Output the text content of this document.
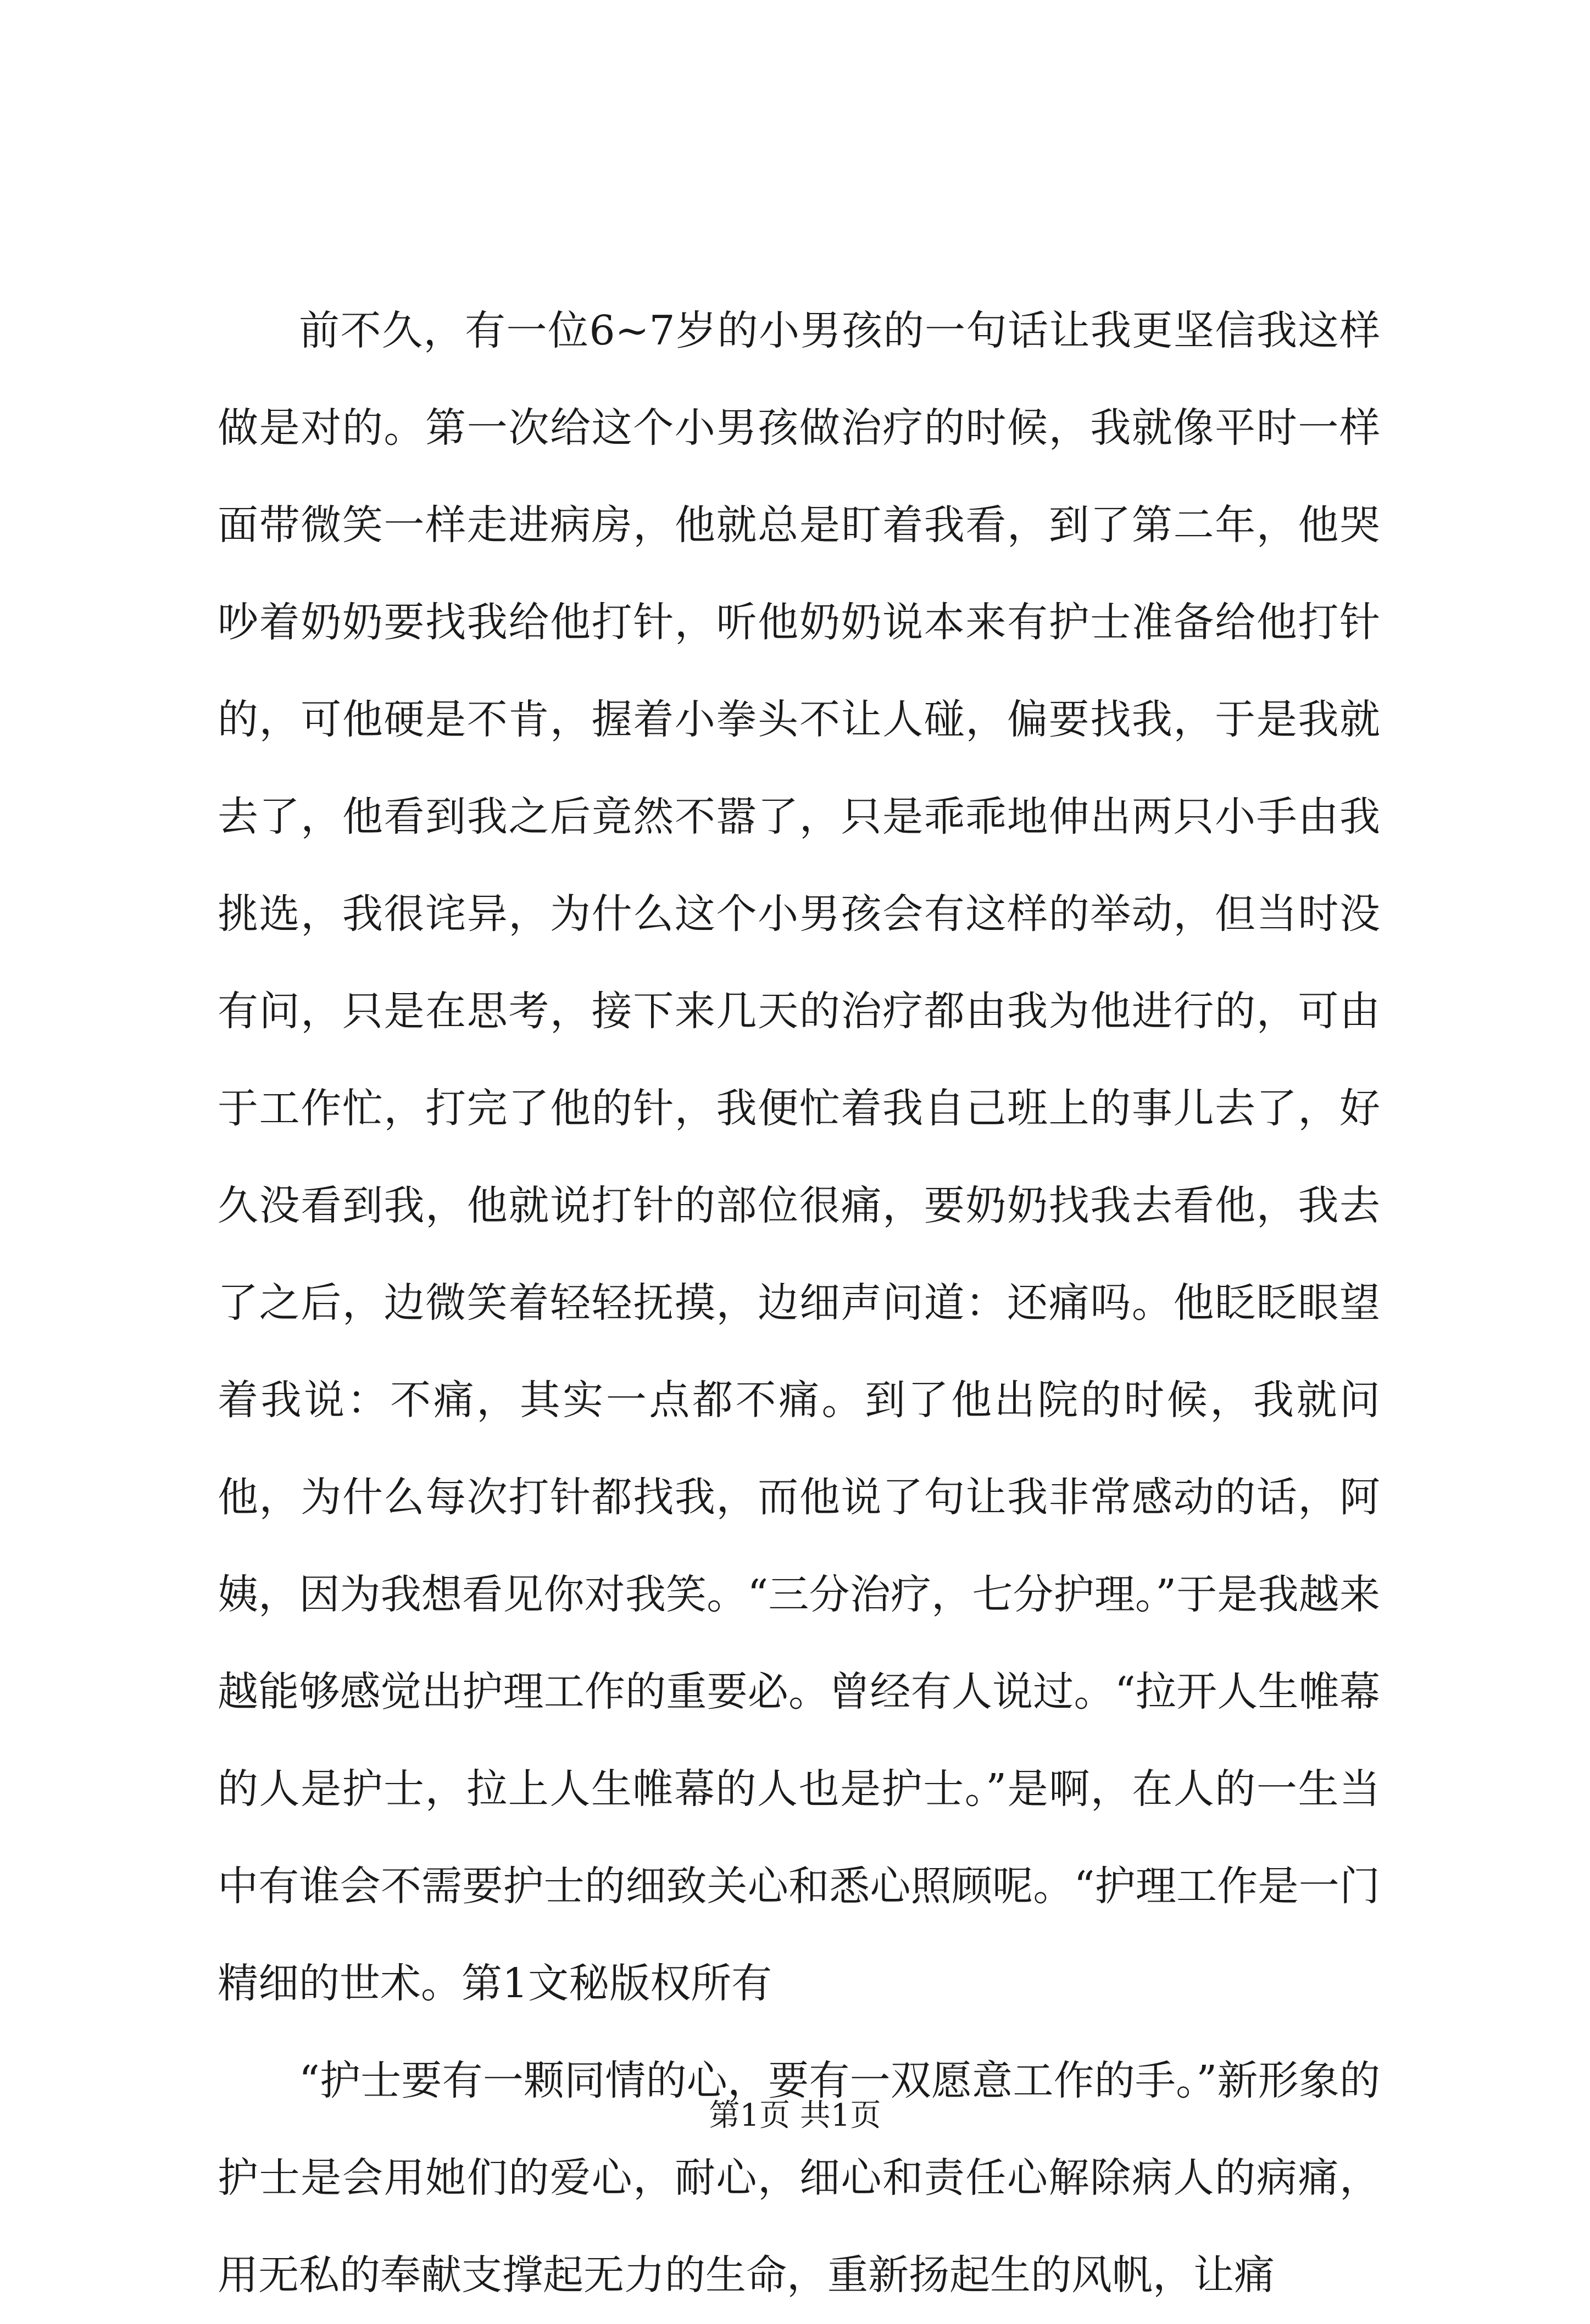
前不久，有一位6~7岁的小男孩的一句话让我更坚信我这样做是对的。第一次给这个小男孩做治疗的时候，我就像平时一样面带微笑一样走进病房，他就总是盯着我看，到了第二年，他哭吵着奶奶要找我给他打针，听他奶奶说本来有护士准备给他打针的，可他硬是不肯，握着小拳头不让人碰，偏要找我，于是我就去了，他看到我之后竟然不嚣了，只是乖乖地伸出两只小手由我挑选，我很诧异，为什么这个小男孩会有这样的举动，但当时没有问，只是在思考，接下来几天的治疗都由我为他进行的，可由于工作忙，打完了他的针，我便忙着我自己班上的事儿去了，好久没看到我，他就说打针的部位很痛，要奶奶找我去看他，我去了之后，边微笑着轻轻抚摸，边细声问道：还痛吗。他眨眨眼望着我说：不痛，其实一点都不痛。到了他出院的时候，我就问他，为什么每次打针都找我，而他说了句让我非常感动的话，阿姨，因为我想看见你对我笑。“三分治疗，七分护理。”于是我越来越能够感觉出护理工作的重要必。曾经有人说过。“拉开人生帷幕的人是护士，拉上人生帷幕的人也是护士。”是啊，在人的一生当中有谁会不需要护士的细致关心和悉心照顾呢。“护理工作是一门精细的世术。第1文秘版权所有

“护士要有一颗同情的心，要有一双愿意工作的手。”新形象的护士是会用她们的爱心，耐心，细心和责任心解除病人的病痛，用无私的奉献支撑起无力的生命，重新扬起生的风帆，让痛

第1页 共1页
